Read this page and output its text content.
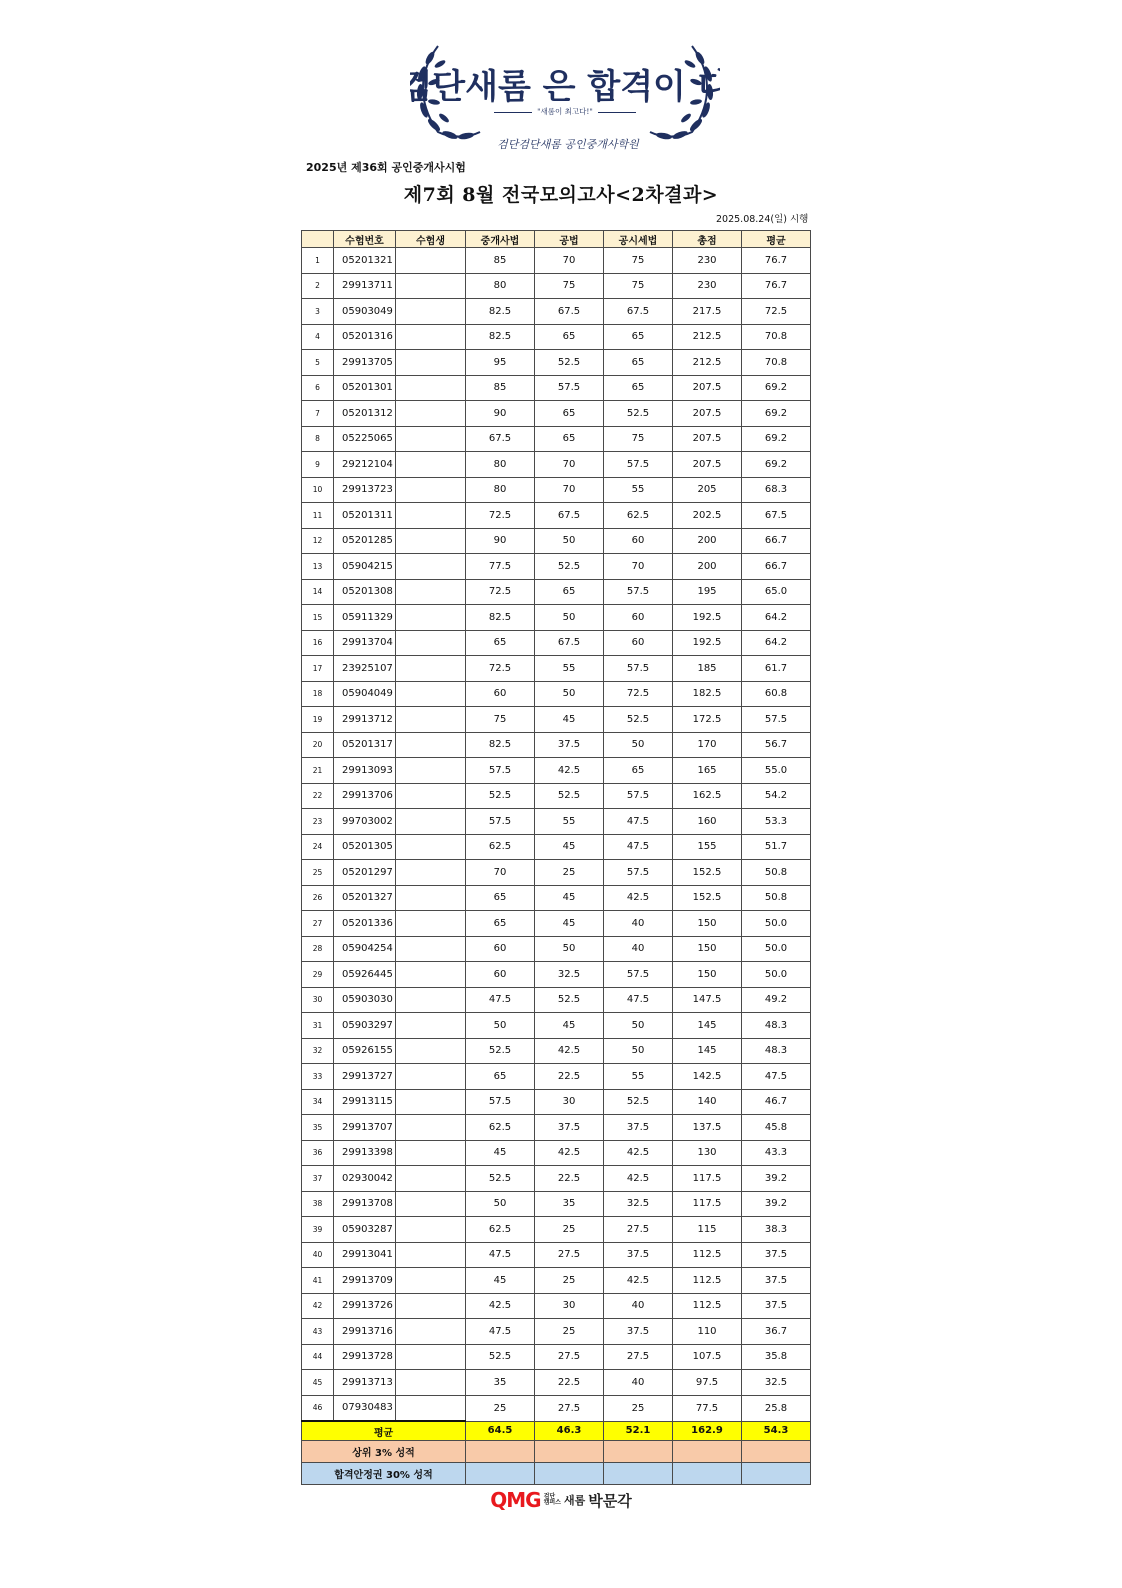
검단새롬 은 합격이 다
검단검단새롬 공인중개사학원
"새롬이 최고다!"
2025년 제36회 공인중개사시험
제7회 8월 전국모의고사<2차결과>
2025.08.24(일) 시행
	수험번호	수험생	중개사법	공법	공시세법	총점	평균
1	05201321		85	70	75	230	76.7
2	29913711		80	75	75	230	76.7
3	05903049		82.5	67.5	67.5	217.5	72.5
4	05201316		82.5	65	65	212.5	70.8
5	29913705		95	52.5	65	212.5	70.8
6	05201301		85	57.5	65	207.5	69.2
7	05201312		90	65	52.5	207.5	69.2
8	05225065		67.5	65	75	207.5	69.2
9	29212104		80	70	57.5	207.5	69.2
10	29913723		80	70	55	205	68.3
11	05201311		72.5	67.5	62.5	202.5	67.5
12	05201285		90	50	60	200	66.7
13	05904215		77.5	52.5	70	200	66.7
14	05201308		72.5	65	57.5	195	65.0
15	05911329		82.5	50	60	192.5	64.2
16	29913704		65	67.5	60	192.5	64.2
17	23925107		72.5	55	57.5	185	61.7
18	05904049		60	50	72.5	182.5	60.8
19	29913712		75	45	52.5	172.5	57.5
20	05201317		82.5	37.5	50	170	56.7
21	29913093		57.5	42.5	65	165	55.0
22	29913706		52.5	52.5	57.5	162.5	54.2
23	99703002		57.5	55	47.5	160	53.3
24	05201305		62.5	45	47.5	155	51.7
25	05201297		70	25	57.5	152.5	50.8
26	05201327		65	45	42.5	152.5	50.8
27	05201336		65	45	40	150	50.0
28	05904254		60	50	40	150	50.0
29	05926445		60	32.5	57.5	150	50.0
30	05903030		47.5	52.5	47.5	147.5	49.2
31	05903297		50	45	50	145	48.3
32	05926155		52.5	42.5	50	145	48.3
33	29913727		65	22.5	55	142.5	47.5
34	29913115		57.5	30	52.5	140	46.7
35	29913707		62.5	37.5	37.5	137.5	45.8
36	29913398		45	42.5	42.5	130	43.3
37	02930042		52.5	22.5	42.5	117.5	39.2
38	29913708		50	35	32.5	117.5	39.2
39	05903287		62.5	25	27.5	115	38.3
40	29913041		47.5	27.5	37.5	112.5	37.5
41	29913709		45	25	42.5	112.5	37.5
42	29913726		42.5	30	40	112.5	37.5
43	29913716		47.5	25	37.5	110	36.7
44	29913728		52.5	27.5	27.5	107.5	35.8
45	29913713		35	22.5	40	97.5	32.5
46	07930483		25	27.5	25	77.5	25.8
평균			64.5	46.3	52.1	162.9	54.3
상위 3% 성적							
합격안정권 30% 성적							
QMG 검단
캠퍼스 새롬 박문각
